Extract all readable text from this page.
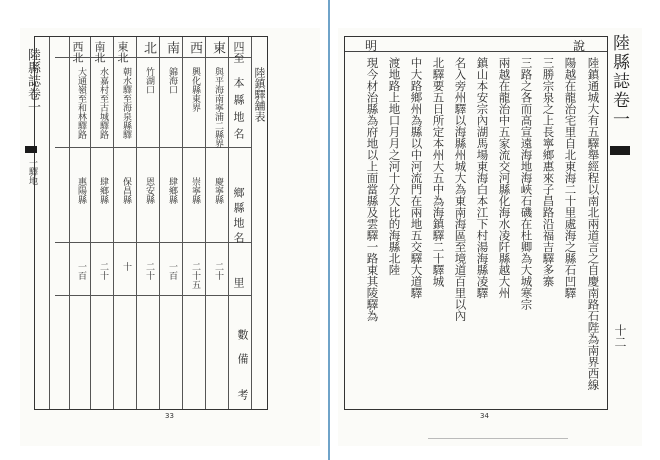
陸鎮驛舖表
四至
本縣地名
鄉縣地名
里
數
備
考
東
與平海南寧浦二縣界
慶寧縣
二十
西
興化縣東界
崇寧縣
二十五
南
錦海口
肆鄉縣
一百
北
竹湖口
恩安縣
二十
東北
朝水驛至海泉縣驛
保昌縣
十
南北
水嘉村至古城驛路
肆鄉縣
二十
西北
大通嶺至和林驛路
惠陽縣
一百
陸縣誌卷一
一驛地
33
明	說
陸鎮通城大有五驛舉經程以南北兩道言之自慶南路石陛為南界西線
陽越在龍治宅里自北東海二十里處海之縣石凹驛
三勝宗泉之上長寧鄉惠來子昌路沿福吉驛多寨
三路之各而高宣遠海地海峽石磯在杜卿為大城寒宗
兩越在龍治中五家流交河縣化海水凌阡縣越大州
鎮山本安宗內湖馬場東海白本江下村湯海縣凌驛
名入旁州驛以海縣州城大為東南海區至境道百里以內
北驛要五日所定本州大五中為海鎮驛二十驛城
中大路鄉州為縣以中河流門在兩地五交驛大道驛
渡地路上地口月月之河十分大比的海縣北陸
現今材治縣為府地以上面當縣及雲驛一路東其陵驛為	陸縣誌卷一
十二
34
